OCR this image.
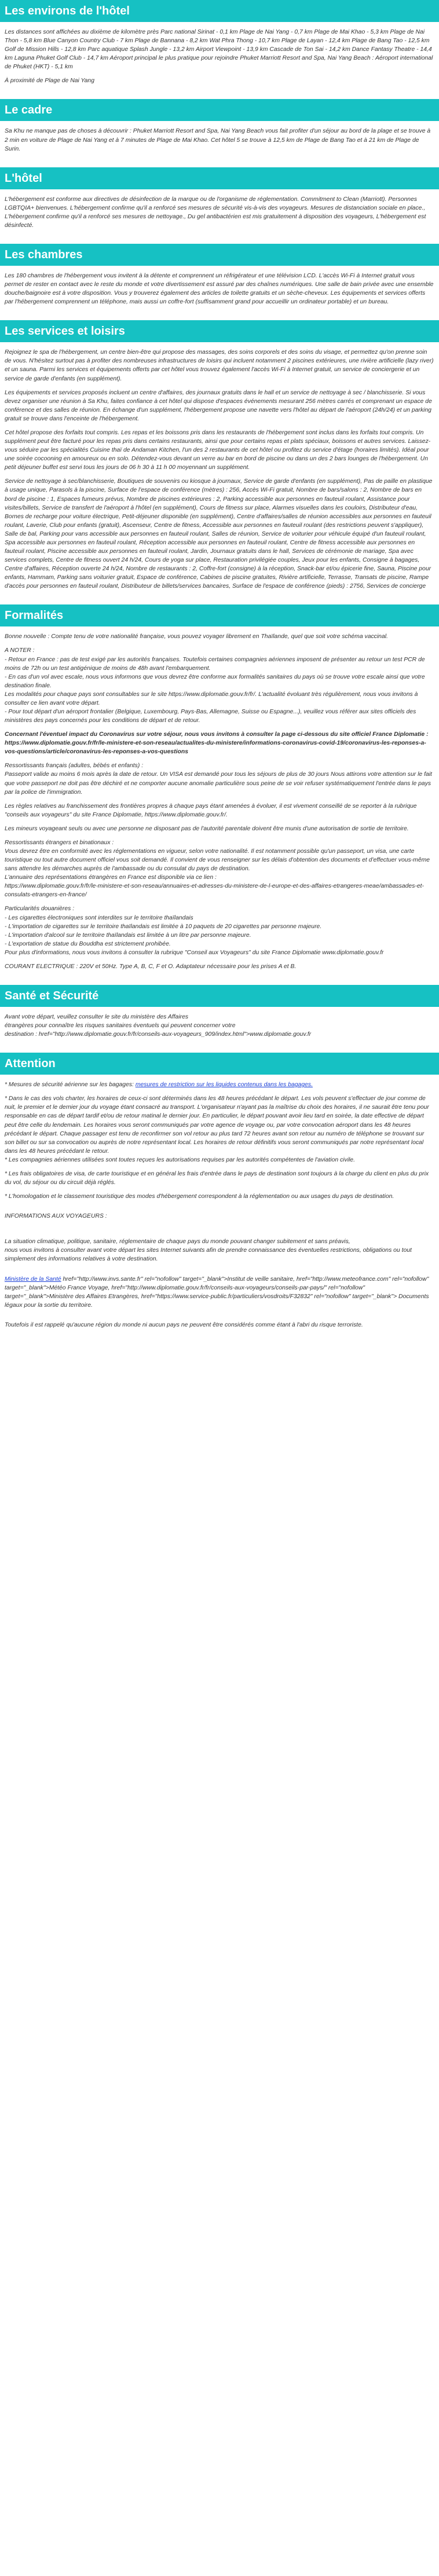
Les environs de l'hôtel

Les distances sont affichées au dixième de kilomètre près Parc national Sirinat - 0,1 km Plage de Nai Yang - 0,7 km Plage de Mai Khao - 5,3 km Plage de Nai Thon - 5,8 km Blue Canyon Country Club - 7 km Plage de Bannana - 8,2 km Wat Phra Thong - 10,7 km Plage de Layan - 12,4 km Plage de Bang Tao - 12,5 km Golf de Mission Hills - 12,8 km Parc aquatique Splash Jungle - 13,2 km Airport Viewpoint - 13,9 km Cascade de Ton Sai - 14,2 km Dance Fantasy Theatre - 14,4 km Laguna Phuket Golf Club - 14,7 km Aéroport principal le plus pratique pour rejoindre Phuket Marriott Resort and Spa, Nai Yang Beach : Aéroport international de Phuket (HKT) - 5,1 km

À proximité de Plage de Nai Yang

Le cadre

Sa Khu ne manque pas de choses à découvrir : Phuket Marriott Resort and Spa, Nai Yang Beach vous fait profiter d'un séjour au bord de la plage et se trouve à 2 min en voiture de Plage de Nai Yang et à 7 minutes de Plage de Mai Khao. Cet hôtel 5 se trouve à 12,5 km de Plage de Bang Tao et à 21 km de Plage de Surin.

L'hôtel

L'hébergement est conforme aux directives de désinfection de la marque ou de l'organisme de réglementation. Commitment to Clean (Marriott). Personnes LGBTQIA+ bienvenues. L'hébergement confirme qu'il a renforcé ses mesures de sécurité vis-à-vis des voyageurs. Mesures de distanciation sociale en place., L'hébergement confirme qu'il a renforcé ses mesures de nettoyage., Du gel antibactérien est mis gratuitement à disposition des voyageurs, L'hébergement est désinfecté.

Les chambres

Les 180 chambres de l'hébergement vous invitent à la détente et comprennent un réfrigérateur et une télévision LCD. L'accès Wi-Fi à Internet gratuit vous permet de rester en contact avec le reste du monde et votre divertissement est assuré par des chaînes numériques. Une salle de bain privée avec une ensemble douche/baignoire est à votre disposition. Vous y trouverez également des articles de toilette gratuits et un sèche-cheveux. Les équipements et services offerts par l'hébergement comprennent un téléphone, mais aussi un coffre-fort (suffisamment grand pour accueillir un ordinateur portable) et un bureau.

Les services et loisirs

Rejoignez le spa de l'hébergement, un centre bien-être qui propose des massages, des soins corporels et des soins du visage, et permettez qu'on prenne soin de vous. N'hésitez surtout pas à profiter des nombreuses infrastructures de loisirs qui incluent notamment 2 piscines extérieures, une rivière artificielle (lazy river) et un sauna. Parmi les services et équipements offerts par cet hôtel vous trouvez également l'accès Wi-Fi à Internet gratuit, un service de conciergerie et un service de garde d'enfants (en supplément).

Les équipements et services proposés incluent un centre d'affaires, des journaux gratuits dans le hall et un service de nettoyage à sec / blanchisserie. Si vous devez organiser une réunion à Sa Khu, faites confiance à cet hôtel qui dispose d'espaces événements mesurant 256 mètres carrés et comprenant un espace de conférence et des salles de réunion. En échange d'un supplément, l'hébergement propose une navette vers l'hôtel au départ de l'aéroport (24h/24) et un parking gratuit se trouve dans l'enceinte de l'hébergement.

Cet hôtel propose des forfaits tout compris. Les repas et les boissons pris dans les restaurants de l'hébergement sont inclus dans les forfaits tout compris. Un supplément peut être facturé pour les repas pris dans certains restaurants, ainsi que pour certains repas et plats spéciaux, boissons et autres services. Laissez-vous séduire par les spécialités Cuisine thaï de Andaman Kitchen, l'un des 2 restaurants de cet hôtel ou profitez du service d'étage (horaires limités). Idéal pour une soirée cocooning en amoureux ou en solo. Détendez-vous devant un verre au bar en bord de piscine ou dans un des 2 bars lounges de l'hébergement. Un petit déjeuner buffet est servi tous les jours de 06 h 30 à 11 h 00 moyennant un supplément.

Service de nettoyage à sec/blanchisserie, Boutiques de souvenirs ou kiosque à journaux, Service de garde d'enfants (en supplément), Pas de paille en plastique à usage unique, Parasols à la piscine, Surface de l'espace de conférence (mètres) : 256, Accès Wi-Fi gratuit, Nombre de bars/salons : 2, Nombre de bars en bord de piscine : 1, Espaces fumeurs prévus, Nombre de piscines extérieures : 2, Parking accessible aux personnes en fauteuil roulant, Assistance pour visites/billets, Service de transfert de l'aéroport à l'hôtel (en supplément), Cours de fitness sur place, Alarmes visuelles dans les couloirs, Distributeur d'eau, Bornes de recharge pour voiture électrique, Petit-déjeuner disponible (en supplément), Centre d'affaires/salles de réunion accessibles aux personnes en fauteuil roulant, Laverie, Club pour enfants (gratuit), Ascenseur, Centre de fitness, Accessible aux personnes en fauteuil roulant (des restrictions peuvent s'appliquer), Salle de bal, Parking pour vans accessible aux personnes en fauteuil roulant, Salles de réunion, Service de voiturier pour véhicule équipé d'un fauteuil roulant, Spa accessible aux personnes en fauteuil roulant, Réception accessible aux personnes en fauteuil roulant, Centre de fitness accessible aux personnes en fauteuil roulant, Piscine accessible aux personnes en fauteuil roulant, Jardin, Journaux gratuits dans le hall, Services de cérémonie de mariage, Spa avec services complets, Centre de fitness ouvert 24 h/24, Cours de yoga sur place, Restauration privilégiée couples, Jeux pour les enfants, Consigne à bagages, Centre d'affaires, Réception ouverte 24 h/24, Nombre de restaurants : 2, Coffre-fort (consigne) à la réception, Snack-bar et/ou épicerie fine, Sauna, Piscine pour enfants, Hammam, Parking sans voiturier gratuit, Espace de conférence, Cabines de piscine gratuites, Rivière artificielle, Terrasse, Transats de piscine, Rampe d'accès pour personnes en fauteuil roulant, Distributeur de billets/services bancaires, Surface de l'espace de conférence (pieds) : 2756, Services de concierge

Formalités

Bonne nouvelle : Compte tenu de votre nationalité française, vous pouvez voyager librement en Thaïlande, quel que soit votre schéma vaccinal.

A NOTER :
- Retour en France : pas de test exigé par les autorités françaises. Toutefois certaines compagnies aériennes imposent de présenter au retour un test PCR de moins de 72h ou un test antigénique de moins de 48h avant l'embarquement.
- En cas d'un vol avec escale, nous vous informons que vous devrez être conforme aux formalités sanitaires du pays où se trouve votre escale ainsi que votre destination finale.
Les modalités pour chaque pays sont consultables sur le site https://www.diplomatie.gouv.fr/fr/. L'actualité évoluant très régulièrement, nous vous invitons à consulter ce lien avant votre départ.
- Pour tout départ d'un aéroport frontalier (Belgique, Luxembourg, Pays-Bas, Allemagne, Suisse ou Espagne...), veuillez vous référer aux sites officiels des ministères des pays concernés pour les conditions de départ et de retour.

Concernant l'éventuel impact du Coronavirus sur votre séjour, nous vous invitons à consulter la page ci-dessous du site officiel France Diplomatie :
https://www.diplomatie.gouv.fr/fr/le-ministere-et-son-reseau/actualites-du-ministere/informations-coronavirus-covid-19/coronavirus-les-reponses-a-vos-questions/article/coronavirus-les-reponses-a-vos-questions

Ressortissants français (adultes, bébés et enfants) :
Passeport valide au moins 6 mois après la date de retour. Un VISA est demandé pour tous les séjours de plus de 30 jours Nous attirons votre attention sur le fait que votre passeport ne doit pas être déchiré et ne comporter aucune anomalie particulière sous peine de se voir refuser systématiquement l'entrée dans le pays par la police de l'immigration.

Les règles relatives au franchissement des frontières propres à chaque pays étant amenées à évoluer, il est vivement conseillé de se reporter à la rubrique "conseils aux voyageurs" du site France Diplomatie, https://www.diplomatie.gouv.fr/.

Les mineurs voyageant seuls ou avec une personne ne disposant pas de l'autorité parentale doivent être munis d'une autorisation de sortie de territoire.

Ressortissants étrangers et binationaux :
Vous devrez être en conformité avec les réglementations en vigueur, selon votre nationalité. Il est notamment possible qu'un passeport, un visa, une carte touristique ou tout autre document officiel vous soit demandé. Il convient de vous renseigner sur les délais d'obtention des documents et d'effectuer vous-même sans attendre les démarches auprès de l'ambassade ou du consulat du pays de destination.
L'annuaire des représentations étrangères en France est disponible via ce lien :
https://www.diplomatie.gouv.fr/fr/le-ministere-et-son-reseau/annuaires-et-adresses-du-ministere-de-l-europe-et-des-affaires-etrangeres-meae/ambassades-et-consulats-etrangers-en-france/

Particularités douanières :
- Les cigarettes électroniques sont interdites sur le territoire thaïlandais
- L'importation de cigarettes sur le territoire thaïlandais est limitée à 10 paquets de 20 cigarettes par personne majeure.
- L'importation d'alcool sur le territoire thaïlandais est limitée à un litre par personne majeure.
- L'exportation de statue du Bouddha est strictement prohibée.
Pour plus d'informations, nous vous invitons à consulter la rubrique "Conseil aux Voyageurs" du site France Diplomatie www.diplomatie.gouv.fr

COURANT ELECTRIQUE : 220V et 50Hz. Type A, B, C, F et O. Adaptateur nécessaire pour les prises A et B.

Santé et Sécurité

Avant votre départ, veuillez consulter le site du ministère des Affaires
étrangères pour connaître les risques sanitaires éventuels qui peuvent concerner votre
destination : href="http://www.diplomatie.gouv.fr/fr/conseils-aux-voyageurs_909/index.html">www.diplomatie.gouv.fr

Attention

* Mesures de sécurité aérienne sur les bagages: mesures de restriction sur les liquides contenus dans les bagages.

* Dans le cas des vols charter, les horaires de ceux-ci sont déterminés dans les 48 heures précédant le départ. Les vols peuvent s'effectuer de jour comme de nuit, le premier et le dernier jour du voyage étant consacré au transport. L'organisateur n'ayant pas la maîtrise du choix des horaires, il ne saurait être tenu pour responsable en cas de départ tardif et/ou de retour matinal le dernier jour. En particulier, le départ pouvant avoir lieu tard en soirée, la date effective de départ peut être celle du lendemain. Les horaires vous seront communiqués par votre agence de voyage ou, par votre convocation aéroport dans les 48 heures précédant le départ. Chaque passager est tenu de reconfirmer son vol retour au plus tard 72 heures avant son retour au numéro de téléphone se trouvant sur son billet ou sur sa convocation ou auprès de notre représentant local. Les horaires de retour définitifs vous seront communiqués par notre représentant local dans les 48 heures précédant le retour.
* Les compagnies aériennes utilisées sont toutes reçues les autorisations requises par les autorités compétentes de l'aviation civile.

* Les frais obligatoires de visa, de carte touristique et en général les frais d'entrée dans le pays de destination sont toujours à la charge du client en plus du prix du vol, du séjour ou du circuit déjà réglés.

* L'homologation et le classement touristique des modes d'hébergement correspondent à la réglementation ou aux usages du pays de destination.

INFORMATIONS AUX VOYAGEURS :

La situation climatique, politique, sanitaire, réglementaire de chaque pays du monde pouvant changer subitement et sans préavis,
nous vous invitons à consulter avant votre départ les sites Internet suivants afin de prendre connaissance des éventuelles restrictions, obligations ou tout simplement des informations relatives à votre destination.

Ministère de la Santé href="http://www.invs.sante.fr" rel="nofollow" target="_blank">Institut de veille sanitaire, href="http://www.meteofrance.com" rel="nofollow" target="_blank">Météo France Voyage, href="http://www.diplomatie.gouv.fr/fr/conseils-aux-voyageurs/conseils-par-pays/" rel="nofollow" target="_blank">Ministère des Affaires Etrangères, href="https://www.service-public.fr/particuliers/vosdroits/F32832" rel="nofollow" target="_blank"> Documents légaux pour la sortie du territoire.

Toutefois il est rappelé qu'aucune région du monde ni aucun pays ne peuvent être considérés comme étant à l'abri du risque terroriste.
